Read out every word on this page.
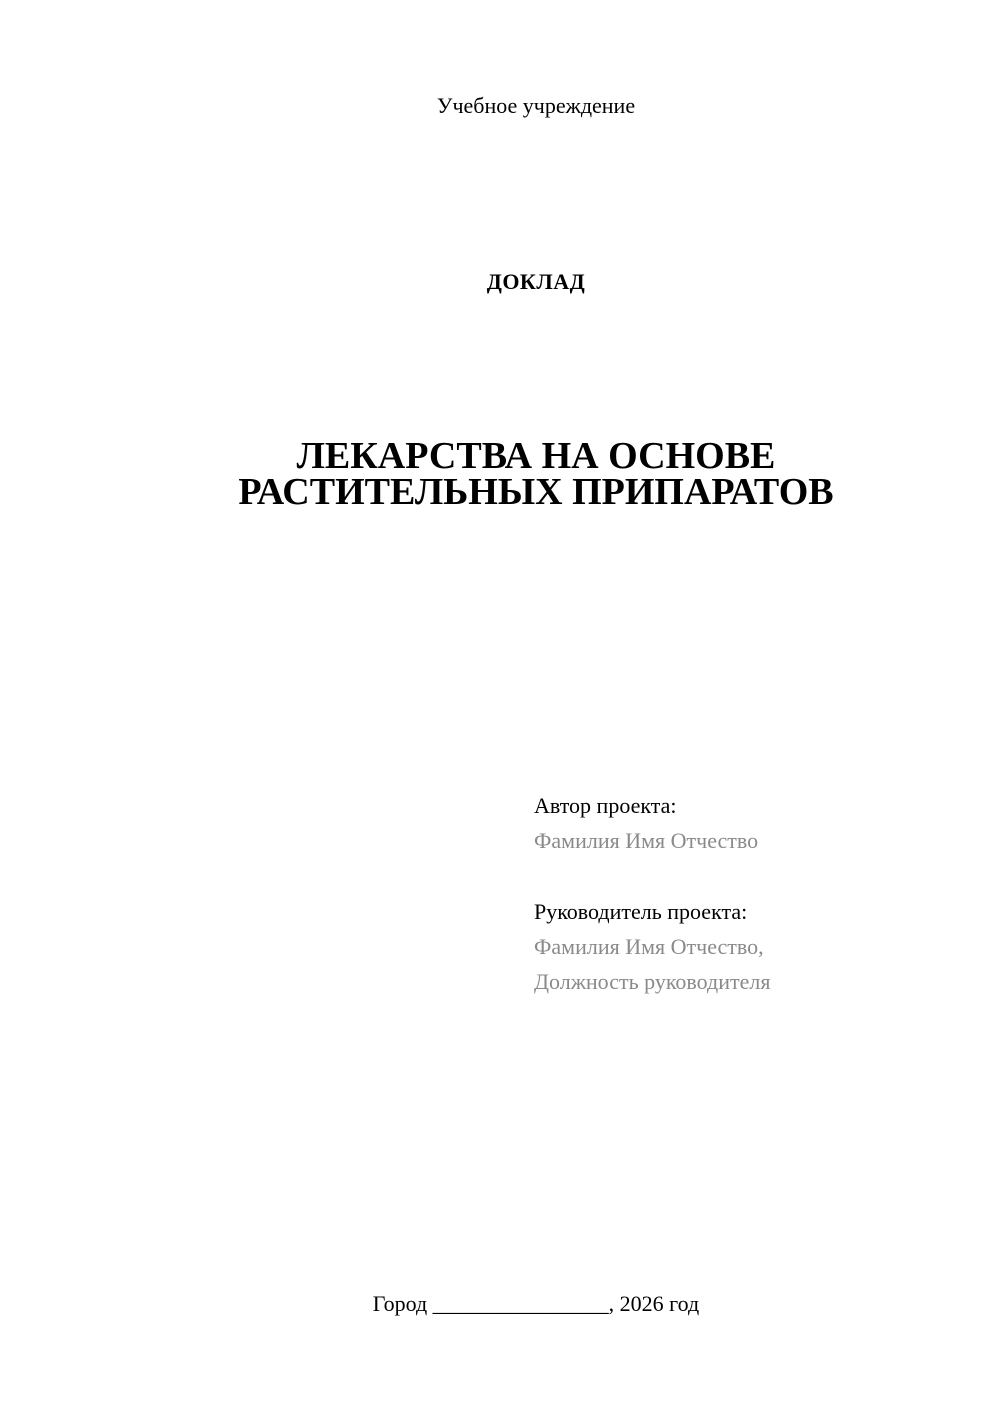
Учебное учреждение
ДОКЛАД
ЛЕКАРСТВА НА ОСНОВЕ
РАСТИТЕЛЬНЫХ ПРИПАРАТОВ
Автор проекта:
Фамилия Имя Отчество
Руководитель проекта:
Фамилия Имя Отчество,
Должность руководителя
Город ________________, 2026 год
